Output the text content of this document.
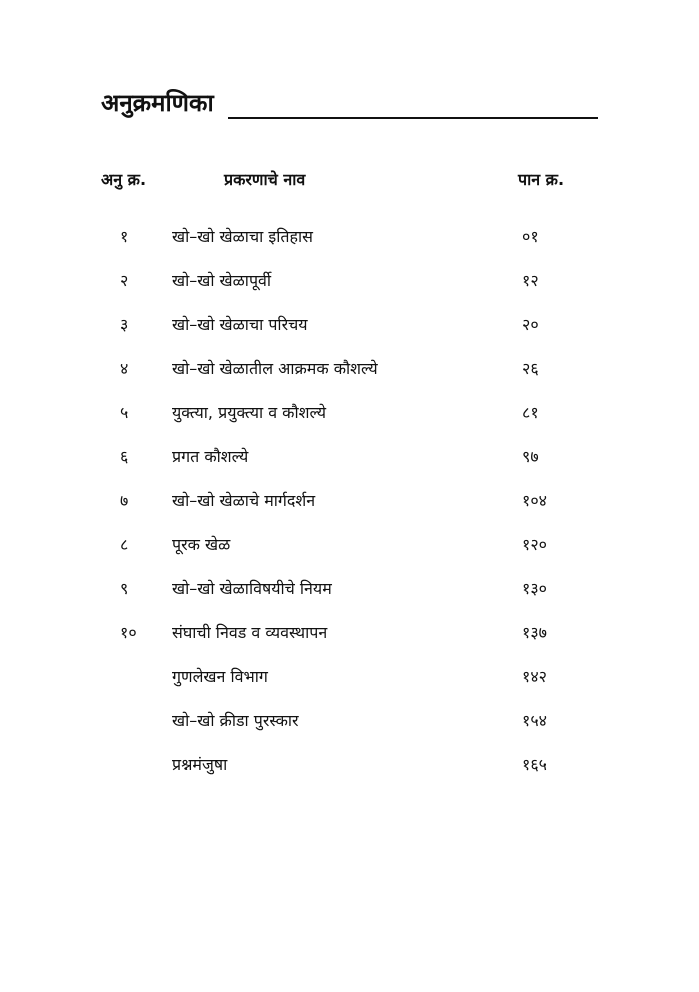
अनुक्रमणिका
अनु क्र.	प्रकरणाचे नाव	पान क्र.
१	खो–खो खेळाचा इतिहास	०१
२	खो–खो खेळापूर्वी	१२
३	खो–खो खेळाचा परिचय	२०
४	खो–खो खेळातील आक्रमक कौशल्ये	२६
५	युक्त्या, प्रयुक्त्या व कौशल्ये	८१
६	प्रगत कौशल्ये	९७
७	खो–खो खेळाचे मार्गदर्शन	१०४
८	पूरक खेळ	१२०
९	खो–खो खेळाविषयीचे नियम	१३०
१० संघाची निवड व व्यवस्थापन	१३७
गुणलेखन विभाग	१४२
खो–खो क्रीडा पुरस्कार	१५४
प्रश्नमंजुषा	१६५
